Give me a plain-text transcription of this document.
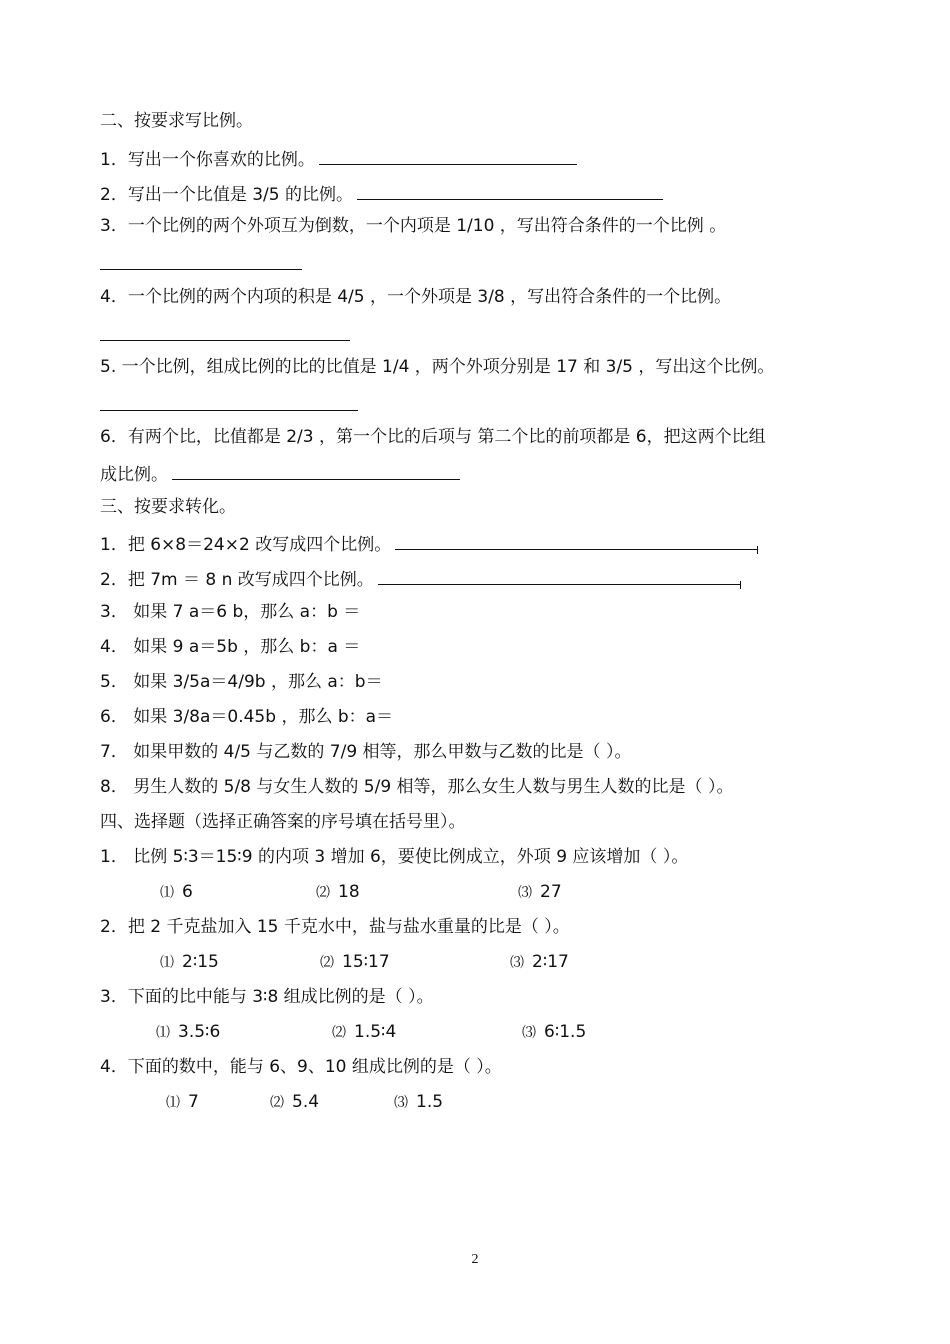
二、按要求写比例。
1．写出一个你喜欢的比例。
2．写出一个比值是 3/5 的比例。
3．一个比例的两个外项互为倒数，一个内项是 1/10 ，写出符合条件的一个比例 。
4．一个比例的两个内项的积是 4/5 ，一个外项是 3/8 ，写出符合条件的一个比例。
5. 一个比例，组成比例的比的比值是 1/4 ，两个外项分别是 17 和 3/5 ，写出这个比例。
6．有两个比，比值都是 2/3 ，第一个比的后项与 第二个比的前项都是 6，把这两个比组
成比例。
三、按要求转化。
1．把 6×8＝24×2 改写成四个比例。
2．把 7m ＝ 8 n 改写成四个比例。
3． 如果 7 a＝6 b，那么 a：b ＝
4． 如果 9 a＝5b ，那么 b：a ＝
5． 如果 3/5a＝4/9b ，那么 a：b＝
6． 如果 3/8a＝0.45b ，那么 b：a＝
7． 如果甲数的 4/5 与乙数的 7/9 相等，那么甲数与乙数的比是（ ）。
8． 男生人数的 5/8 与女生人数的 5/9 相等，那么女生人数与男生人数的比是（ ）。
四、选择题（选择正确答案的序号填在括号里）。
1． 比例 5∶3＝15∶9 的内项 3 增加 6，要使比例成立，外项 9 应该增加（ ）。
⑴ 6	⑵ 18	⑶ 27
2．把 2 千克盐加入 15 千克水中，盐与盐水重量的比是（ ）。
⑴ 2∶15	⑵ 15∶17	⑶ 2∶17
3．下面的比中能与 3∶8 组成比例的是（ ）。
⑴ 3.5∶6	⑵ 1.5∶4	⑶ 6∶1.5
4．下面的数中，能与 6、9、10 组成比例的是（ ）。
⑴ 7	⑵ 5.4	⑶ 1.5
2
